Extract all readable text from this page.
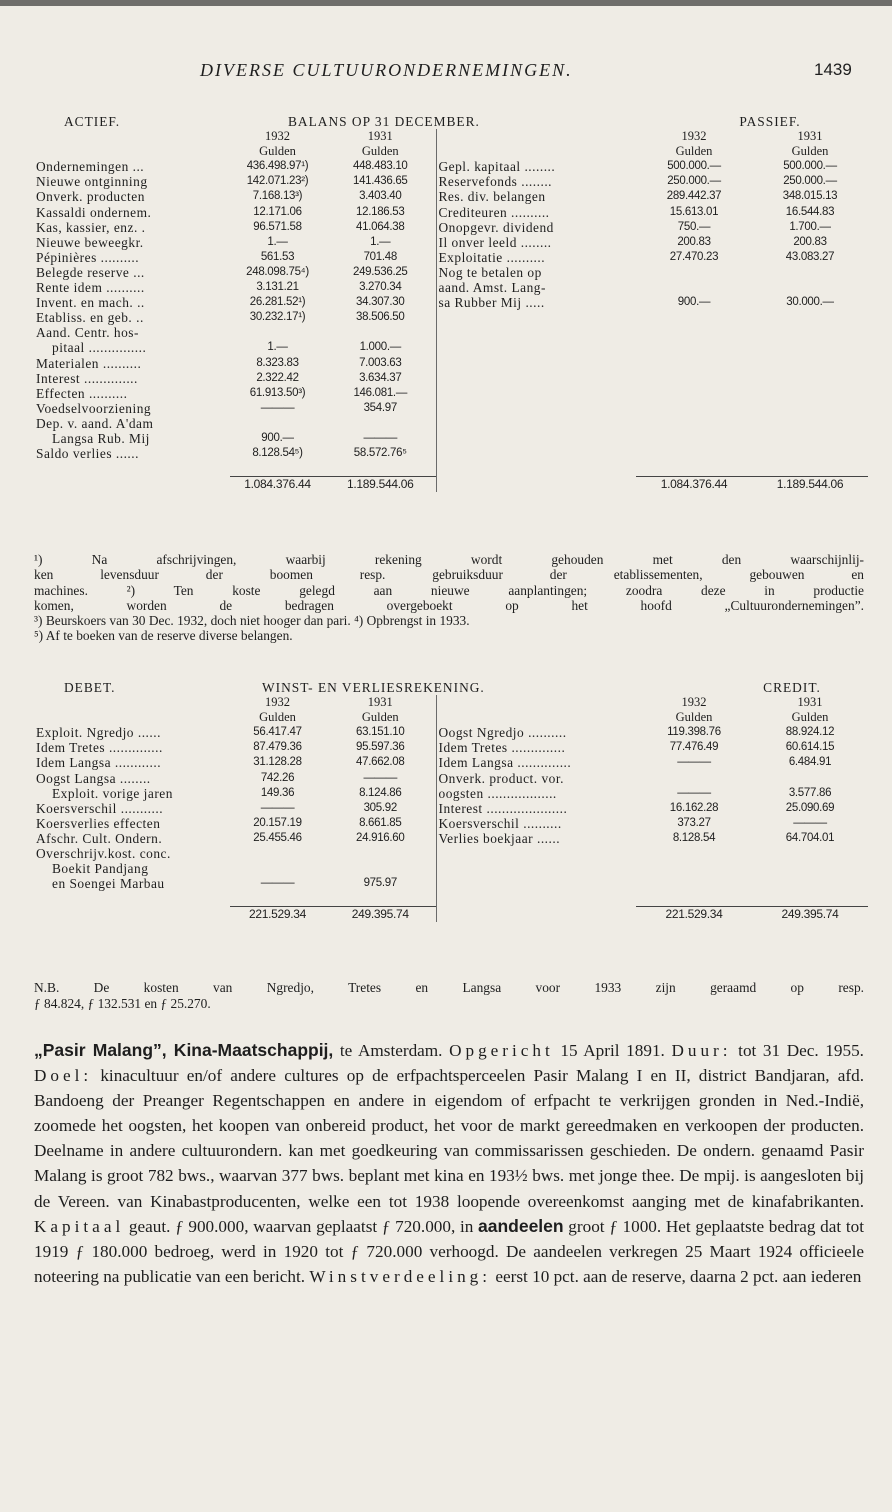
DIVERSE CULTUURONDERNEMINGEN.	1439
ACTIEF.	BALANS OP 31 DECEMBER.			PASSIEF.	
	1932	1931		1932	1931
	Gulden	Gulden		Gulden	Gulden
Ondernemingen ...	436.498.97¹)	448.483.10	Gepl. kapitaal ........	500.000.—	500.000.—
Nieuwe ontginning	142.071.23²)	141.436.65	Reservefonds ........	250.000.—	250.000.—
Onverk. producten	7.168.13³)	3.403.40	Res. div. belangen	289.442.37	348.015.13
Kassaldi ondernem.	12.171.06	12.186.53	Crediteuren ..........	15.613.01	16.544.83
Kas, kassier, enz. .	96.571.58	41.064.38	Onopgevr. dividend	750.—	1.700.—
Nieuwe beweegkr.	1.—	1.—	Il onver leeld ........	200.83	200.83
Pépinières ..........	561.53	701.48	Exploitatie ..........	27.470.23	43.083.27
Belegde reserve ...	248.098.75⁴)	249.536.25	Nog te betalen op		
Rente idem ..........	3.131.21	3.270.34	aand. Amst. Lang-		
Invent. en mach. ..	26.281.52¹)	34.307.30	sa Rubber Mij .....	900.—	30.000.—
Etabliss. en geb. ..	30.232.17¹)	38.506.50			
Aand. Centr. hos-					
pitaal ...............	1.—	1.000.—			
Materialen ..........	8.323.83	7.003.63			
Interest ..............	2.322.42	3.634.37			
Effecten ..........	61.913.50³)	146.081.—			
Voedselvoorziening	———	354.97			
Dep. v. aand. A'dam					
Langsa Rub. Mij	900.—	———			
Saldo verlies ......	8.128.54⁵)	58.572.76⁵			

	1.084.376.44	1.189.544.06		1.084.376.44	1.189.544.06

¹) Na afschrijvingen, waarbij rekening wordt gehouden met den waarschijnlij-

ken levensduur der boomen resp. gebruiksduur der etablissementen, gebouwen en

machines. ²) Ten koste gelegd aan nieuwe aanplantingen; zoodra deze in productie

komen, worden de bedragen overgeboekt op het hoofd „Cultuurondernemingen”.

³) Beurskoers van 30 Dec. 1932, doch niet hooger dan pari. ⁴) Opbrengst in 1933.

⁵) Af te boeken van de reserve diverse belangen.

DEBET.	WINST- EN VERLIESREKENING.			CREDIT.	
	1932	1931		1932	1931
	Gulden	Gulden		Gulden	Gulden
Exploit. Ngredjo ......	56.417.47	63.151.10	Oogst Ngredjo ..........	119.398.76	88.924.12
Idem Tretes ..............	87.479.36	95.597.36	Idem Tretes ..............	77.476.49	60.614.15
Idem Langsa ............	31.128.28	47.662.08	Idem Langsa ..............	———	6.484.91
Oogst Langsa ........	742.26	———	Onverk. product. vor.		
Exploit. vorige jaren	149.36	8.124.86	oogsten ..................	———	3.577.86
Koersverschil ...........	———	305.92	Interest .....................	16.162.28	25.090.69
Koersverlies effecten	20.157.19	8.661.85	Koersverschil ..........	373.27	———
Afschr. Cult. Ondern.	25.455.46	24.916.60	Verlies boekjaar ......	8.128.54	64.704.01
Overschrijv.kost. conc.					
Boekit Pandjang					
en Soengei Marbau	———	975.97			

	221.529.34	249.395.74		221.529.34	249.395.74

N.B. De kosten van Ngredjo, Tretes en Langsa voor 1933 zijn geraamd op resp.

ƒ 84.824, ƒ 132.531 en ƒ 25.270.

„Pasir Malang”, Kina-Maatschappij, te Amsterdam. Opgericht 15 April 1891. Duur: tot 31 Dec. 1955. Doel: kinacultuur en/of andere cultures op de erfpachtsperceelen Pasir Malang I en II, district Bandjaran, afd. Bandoeng der Preanger Regentschappen en andere in eigendom of erfpacht te verkrijgen gronden in Ned.-Indië, zoomede het oogsten, het koopen van onbereid product, het voor de markt gereedmaken en verkoopen der producten. Deelname in andere cultuurondern. kan met goedkeuring van commissarissen geschieden. De ondern. genaamd Pasir Malang is groot 782 bws., waarvan 377 bws. beplant met kina en 193½ bws. met jonge thee. De mpij. is aangesloten bij de Vereen. van Kinabastproducenten, welke een tot 1938 loopende overeenkomst aanging met de kinafabrikanten. Kapitaal geaut. ƒ 900.000, waarvan geplaatst ƒ 720.000, in aandeelen groot ƒ 1000. Het geplaatste bedrag dat tot 1919 ƒ 180.000 bedroeg, werd in 1920 tot ƒ 720.000 verhoogd. De aandeelen verkregen 25 Maart 1924 officieele notеering na publicatie van een bericht. Winstverdeeling: eerst 10 pct. aan de reserve, daarna 2 pct. aan iederen
